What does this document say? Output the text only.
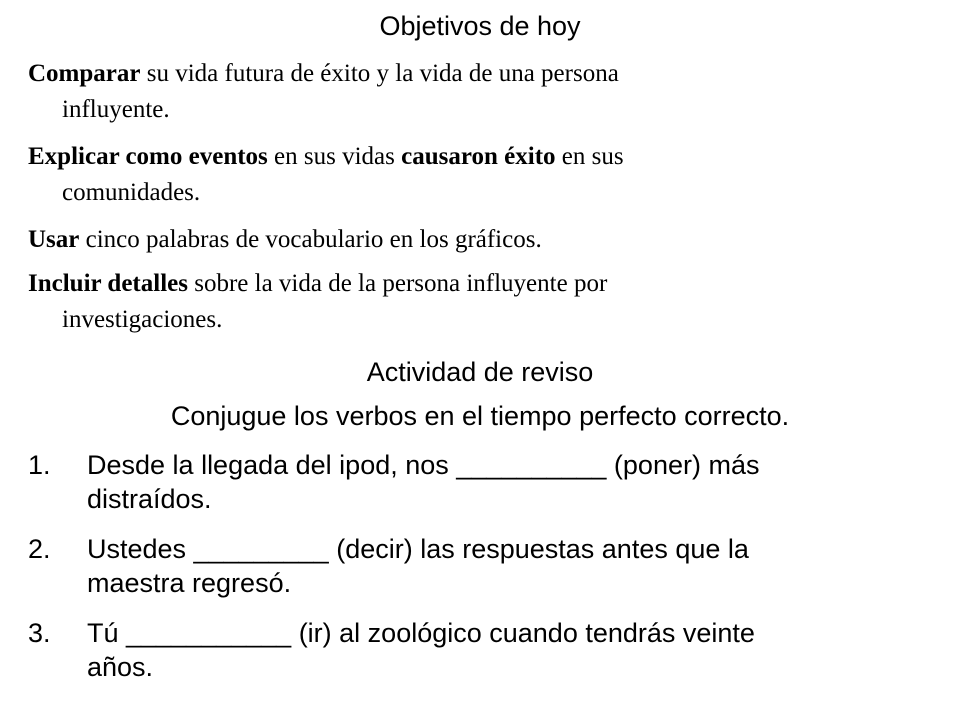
Objetivos de hoy
Comparar su vida futura de éxito y la vida de una persona
influyente.
Explicar como eventos en sus vidas causaron éxito en sus
comunidades.
Usar cinco palabras de vocabulario en los gráficos.
Incluir detalles sobre la vida de la persona influyente por
investigaciones.
Actividad de reviso
Conjugue los verbos en el tiempo perfecto correcto.
1.	Desde la llegada del ipod, nos __________ (poner) más
distraídos.
2.	Ustedes _________ (decir) las respuestas antes que la
maestra regresó.
3.	Tú ___________ (ir) al zoológico cuando tendrás veinte
años.
